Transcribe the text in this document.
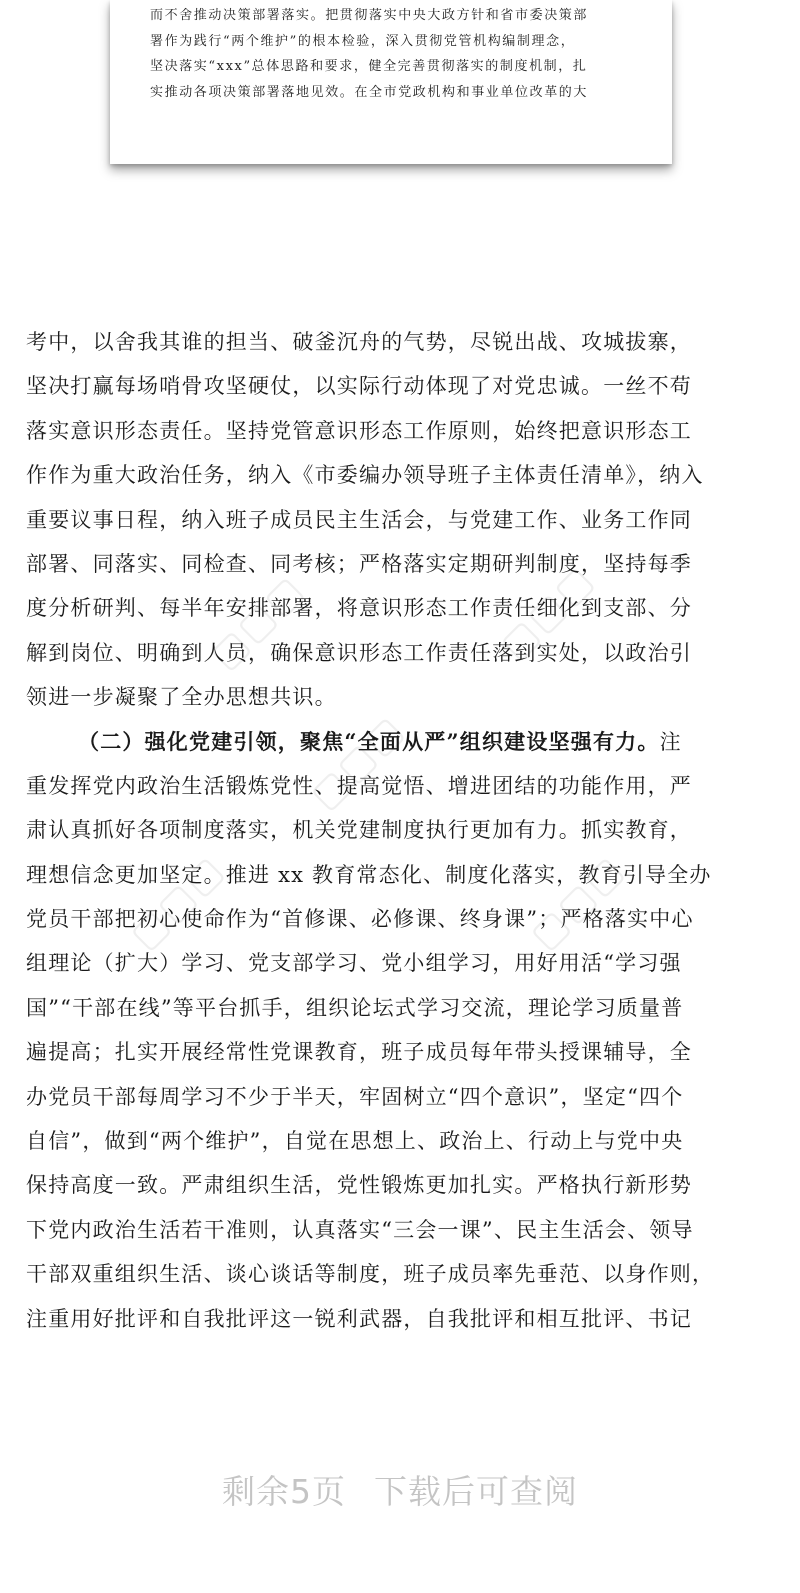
而不舍推动决策部署落实。把贯彻落实中央大政方针和省市委决策部
署作为践行“两个维护”的根本检验，深入贯彻党管机构编制理念，
坚决落实“xxx”总体思路和要求，健全完善贯彻落实的制度机制，扎
实推动各项决策部署落地见效。在全市党政机构和事业单位改革的大
▢▢▢	▢▢▢
▢▢▢
▢▢▢	▢▢▢
考中，以舍我其谁的担当、破釜沉舟的气势，尽锐出战、攻城拔寨，
坚决打赢每场哨骨攻坚硬仗，以实际行动体现了对党忠诚。一丝不苟
落实意识形态责任。坚持党管意识形态工作原则，始终把意识形态工
作作为重大政治任务，纳入《市委编办领导班子主体责任清单》，纳入
重要议事日程，纳入班子成员民主生活会，与党建工作、业务工作同
部署、同落实、同检查、同考核；严格落实定期研判制度，坚持每季
度分析研判、每半年安排部署，将意识形态工作责任细化到支部、分
解到岗位、明确到人员，确保意识形态工作责任落到实处，以政治引
领进一步凝聚了全办思想共识。
（二）强化党建引领，聚焦“全面从严”组织建设坚强有力。注
重发挥党内政治生活锻炼党性、提高觉悟、增进团结的功能作用，严
肃认真抓好各项制度落实，机关党建制度执行更加有力。抓实教育，
理想信念更加坚定。推进 xx 教育常态化、制度化落实，教育引导全办
党员干部把初心使命作为“首修课、必修课、终身课”；严格落实中心
组理论（扩大）学习、党支部学习、党小组学习，用好用活“学习强
国”“干部在线”等平台抓手，组织论坛式学习交流，理论学习质量普
遍提高；扎实开展经常性党课教育，班子成员每年带头授课辅导，全
办党员干部每周学习不少于半天，牢固树立“四个意识”，坚定“四个
自信”，做到“两个维护”，自觉在思想上、政治上、行动上与党中央
保持高度一致。严肃组织生活，党性锻炼更加扎实。严格执行新形势
下党内政治生活若干准则，认真落实“三会一课”、民主生活会、领导
干部双重组织生活、谈心谈话等制度，班子成员率先垂范、以身作则，
注重用好批评和自我批评这一锐利武器，自我批评和相互批评、书记
剩余5页 下载后可查阅
